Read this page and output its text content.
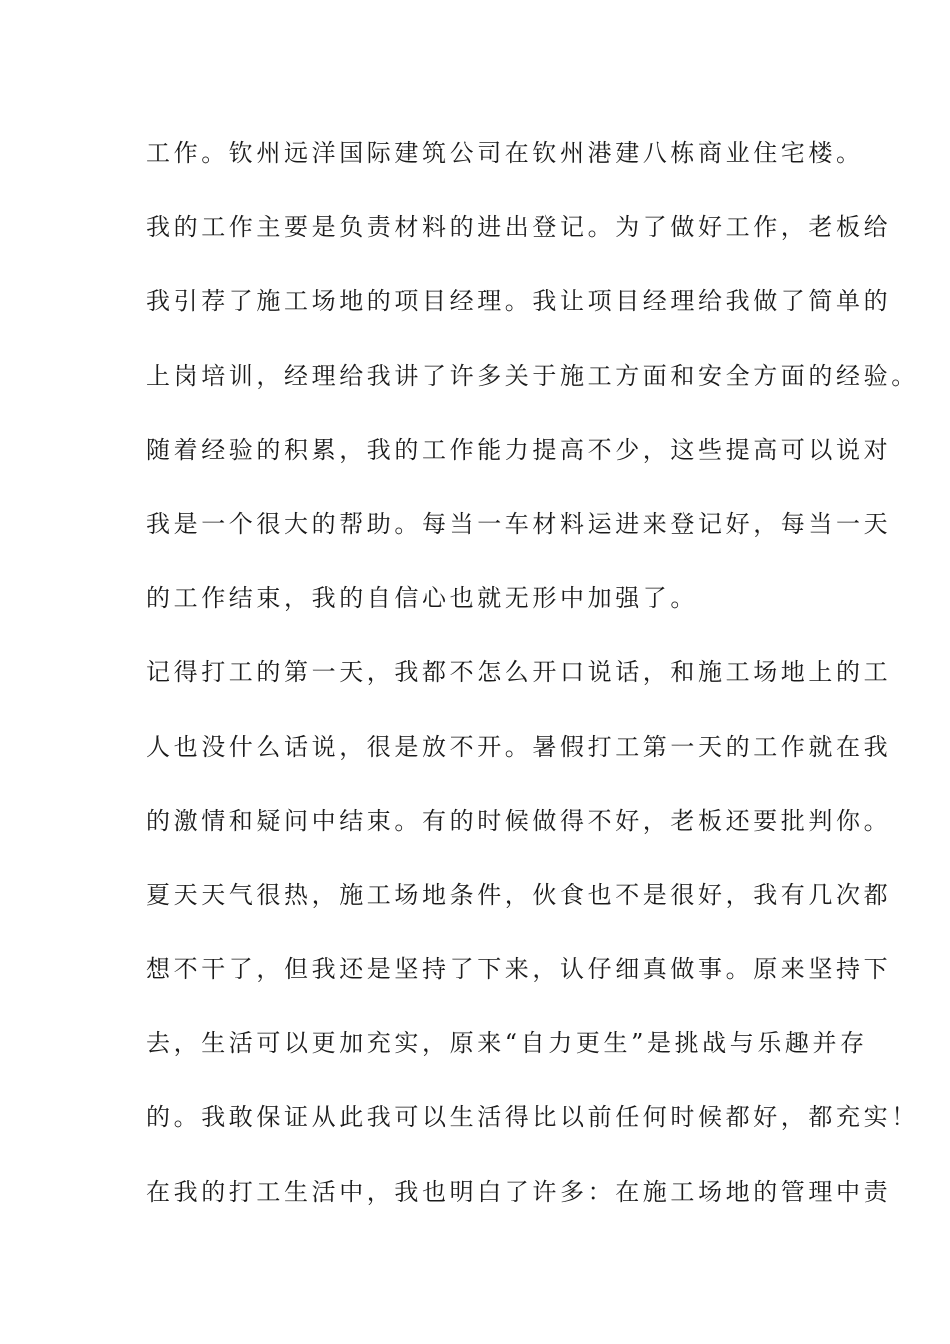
工作。钦州远洋国际建筑公司在钦州港建八栋商业住宅楼。
我的工作主要是负责材料的进出登记。为了做好工作，老板给
我引荐了施工场地的项目经理。我让项目经理给我做了简单的
上岗培训，经理给我讲了许多关于施工方面和安全方面的经验。
随着经验的积累，我的工作能力提高不少，这些提高可以说对
我是一个很大的帮助。每当一车材料运进来登记好，每当一天
的工作结束，我的自信心也就无形中加强了。
记得打工的第一天，我都不怎么开口说话，和施工场地上的工
人也没什么话说，很是放不开。暑假打工第一天的工作就在我
的激情和疑问中结束。有的时候做得不好，老板还要批判你。
夏天天气很热，施工场地条件，伙食也不是很好，我有几次都
想不干了，但我还是坚持了下来，认仔细真做事。原来坚持下
去，生活可以更加充实，原来“自力更生”是挑战与乐趣并存
的。我敢保证从此我可以生活得比以前任何时候都好，都充实！
在我的打工生活中，我也明白了许多：在施工场地的管理中责
